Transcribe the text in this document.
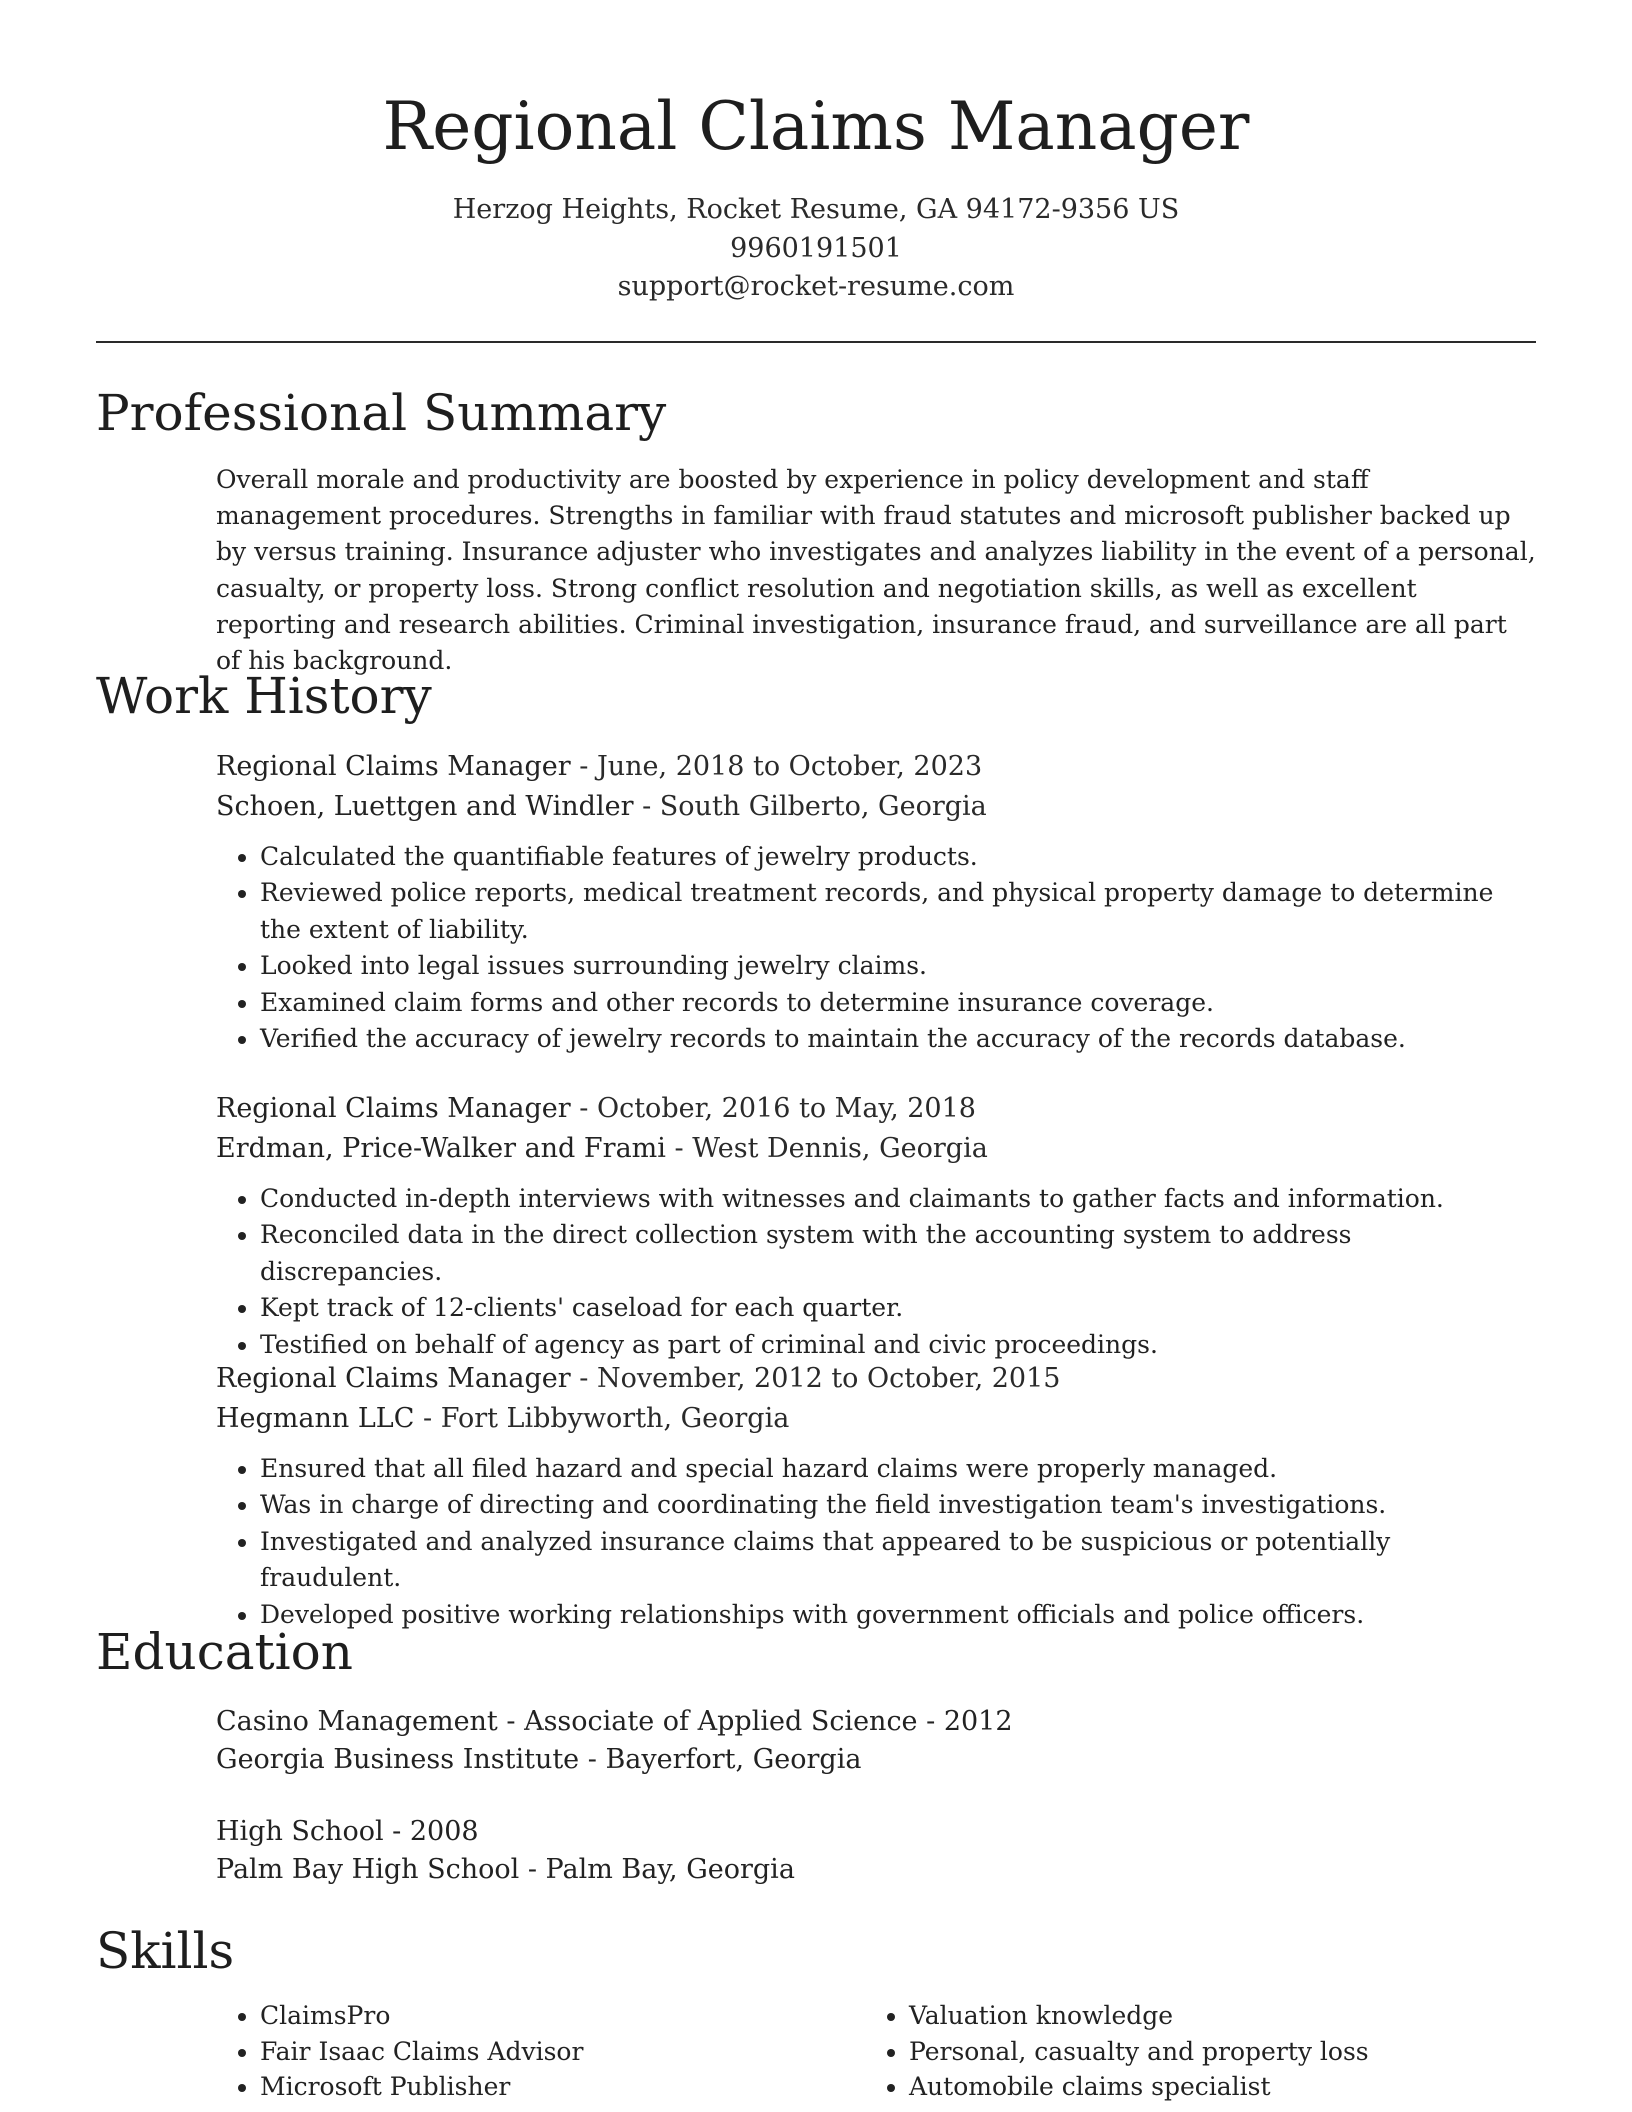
Regional Claims Manager
Herzog Heights, Rocket Resume, GA 94172-9356 US
9960191501
support@rocket-resume.com
Professional Summary

Overall morale and productivity are boosted by experience in policy development and staff management procedures. Strengths in familiar with fraud statutes and microsoft publisher backed up by versus training. Insurance adjuster who investigates and analyzes liability in the event of a personal, casualty, or property loss. Strong conflict resolution and negotiation skills, as well as excellent reporting and research abilities. Criminal investigation, insurance fraud, and surveillance are all part of his background.

Work History

Regional Claims Manager - June, 2018 to October, 2023

Schoen, Luettgen and Windler - South Gilberto, Georgia

• Calculated the quantifiable features of jewelry products.
• Reviewed police reports, medical treatment records, and physical property damage to determine the extent of liability.
• Looked into legal issues surrounding jewelry claims.
• Examined claim forms and other records to determine insurance coverage.
• Verified the accuracy of jewelry records to maintain the accuracy of the records database.

Regional Claims Manager - October, 2016 to May, 2018

Erdman, Price-Walker and Frami - West Dennis, Georgia

• Conducted in-depth interviews with witnesses and claimants to gather facts and information.
• Reconciled data in the direct collection system with the accounting system to address discrepancies.
• Kept track of 12-clients' caseload for each quarter.
• Testified on behalf of agency as part of criminal and civic proceedings.

Regional Claims Manager - November, 2012 to October, 2015

Hegmann LLC - Fort Libbyworth, Georgia

• Ensured that all filed hazard and special hazard claims were properly managed.
• Was in charge of directing and coordinating the field investigation team's investigations.
• Investigated and analyzed insurance claims that appeared to be suspicious or potentially fraudulent.
• Developed positive working relationships with government officials and police officers.
Education

Casino Management - Associate of Applied Science - 2012

Georgia Business Institute - Bayerfort, Georgia

High School - 2008

Palm Bay High School - Palm Bay, Georgia

Skills
• ClaimsPro
• Fair Isaac Claims Advisor
• Microsoft Publisher
• Valuation knowledge
• Personal, casualty and property loss
• Automobile claims specialist
